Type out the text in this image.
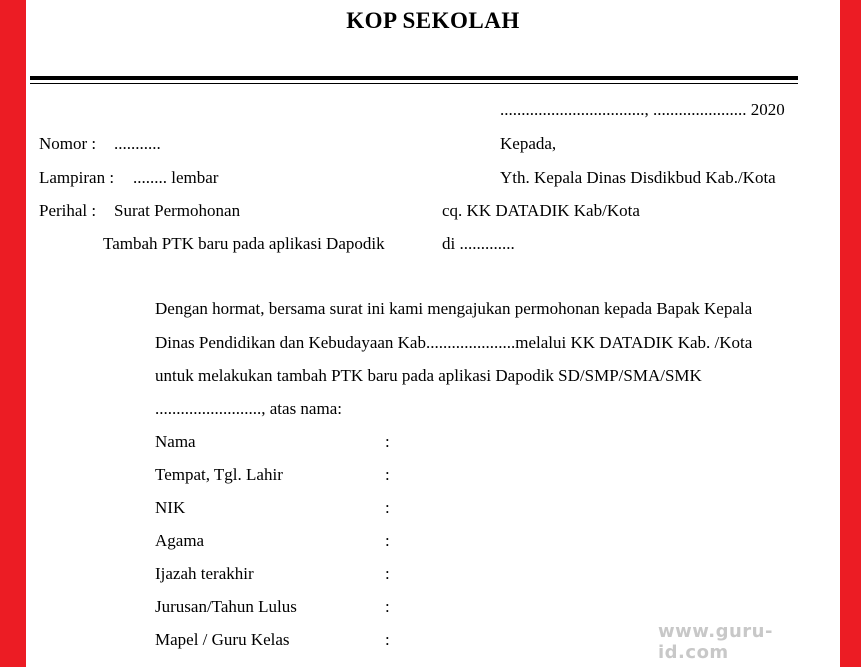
KOP SEKOLAH
.................................., ...................... 2020
Nomor : ...........	Kepada,
Lampiran : ........ lembar	Yth. Kepala Dinas Disdikbud Kab./Kota
Perihal : Surat Permohonan	cq. KK DATADIK Kab/Kota
Tambah PTK baru pada aplikasi Dapodik	di .............
Dengan hormat, bersama surat ini kami mengajukan permohonan kepada Bapak Kepala
Dinas Pendidikan dan Kebudayaan Kab.....................melalui KK DATADIK Kab. /Kota
untuk melakukan tambah PTK baru pada aplikasi Dapodik SD/SMP/SMA/SMK
........................., atas nama:
Nama	:
Tempat, Tgl. Lahir	:
NIK	:
Agama	:
Ijazah terakhir	:
Jurusan/Tahun Lulus	:
Mapel / Guru Kelas	:	www.guru-id.com
